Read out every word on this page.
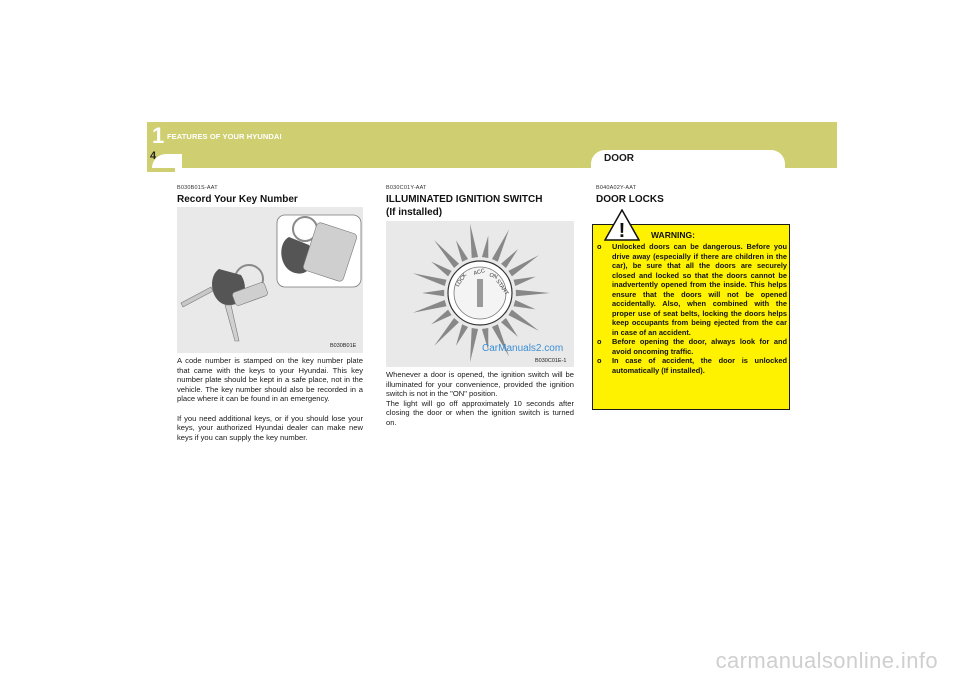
1 FEATURES OF YOUR HYUNDAI
4	DOOR
B030B01S-AAT
Record Your Key Number
B030B01E

A code number is stamped on the key number plate that came with the keys to your Hyundai. This key number plate should be kept in a safe place, not in the vehicle. The key number should also be recorded in a place where it can be found in an emergency.

If you need additional keys, or if you should lose your keys, your authorized Hyundai dealer can make new keys if you can supply the key number.

B030C01Y-AAT
ILLUMINATED IGNITION SWITCH
(If installed)
LOCK ACC ON
START
CarManuals2.com
B030C01E-1
Whenever a door is opened, the ignition switch will be illuminated for your convenience, provided the ignition switch is not in the "ON" position.
The light will go off approximately 10 seconds after closing the door or when the ignition switch is turned on.
B040A02Y-AAT
DOOR LOCKS
!	WARNING:
o Unlocked doors can be dangerous. Before you drive away (especially if there are children in the car), be sure that all the doors are securely closed and locked so that the doors cannot be inadvertently opened from the inside. This helps ensure that the doors will not be opened accidentally. Also, when combined with the proper use of seat belts, locking the doors helps keep occupants from being ejected from the car in case of an accident.
o Before opening the door, always look for and avoid oncoming traffic.
o In case of accident, the door is unlocked automatically (If installed).
carmanualsonline.info
